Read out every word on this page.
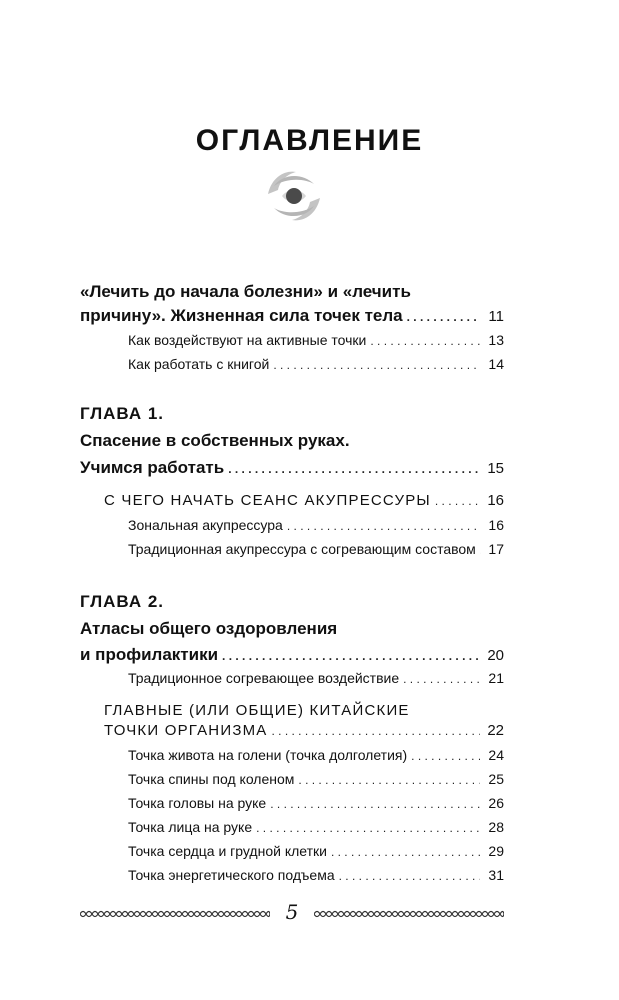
ОГЛАВЛЕНИЕ
«Лечить до начала болезни» и «лечить
причину». Жизненная сила точек тела . . .	11
Как воздействуют на активные точки . . .	13
Как работать с книгой . . .	14
ГЛАВА 1.
Спасение в собственных руках.
Учимся работать . . .	15
С ЧЕГО НАЧАТЬ СЕАНС АКУПРЕССУРЫ . . .	16
Зональная акупрессура . . .	16
Традиционная акупрессура с согревающим составом . . . 17
ГЛАВА 2.
Атласы общего оздоровления
и профилактики . . .	20
Традиционное согревающее воздействие . . .	21
ГЛАВНЫЕ (ИЛИ ОБЩИЕ) КИТАЙСКИЕ
ТОЧКИ ОРГАНИЗМА . . .	22
Точка живота на голени (точка долголетия) . . .	24
Точка спины под коленом . . .	25
Точка головы на руке . . .	26
Точка лица на руке . . .	28
Точка сердца и грудной клетки . . .	29
Точка энергетического подъема . . .	31
5
